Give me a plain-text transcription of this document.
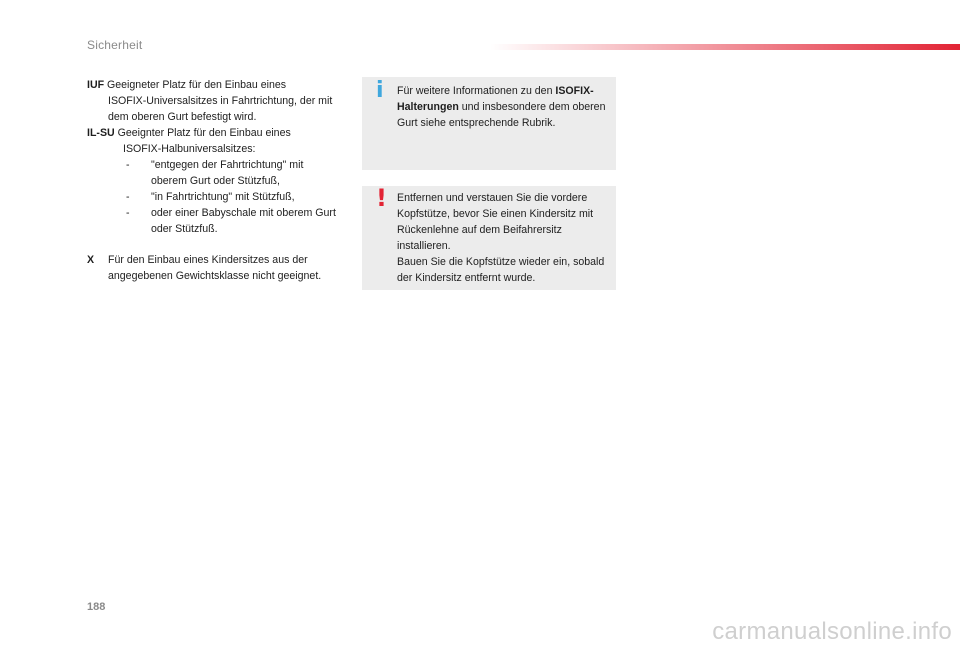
Sicherheit
IUF Geeigneter Platz für den Einbau eines
ISOFIX-Universalsitzes in Fahrtrichtung, der mit dem oberen Gurt befestigt wird.
IL-SU Geeignter Platz für den Einbau eines
ISOFIX-Halbuniversalsitzes:
- "entgegen der Fahrtrichtung" mit oberem Gurt oder Stützfuß,
- "in Fahrtrichtung" mit Stützfuß,
- oder einer Babyschale mit oberem Gurt oder Stützfuß.
X Für den Einbau eines Kindersitzes aus der angegebenen Gewichtsklasse nicht geeignet.
i Für weitere Informationen zu den ISOFIX-Halterungen und insbesondere dem oberen Gurt siehe entsprechende Rubrik.
! Entfernen und verstauen Sie die vordere Kopfstütze, bevor Sie einen Kindersitz mit Rückenlehne auf dem Beifahrersitz installieren.
Bauen Sie die Kopfstütze wieder ein, sobald der Kindersitz entfernt wurde.
188
carmanualsonline.info
